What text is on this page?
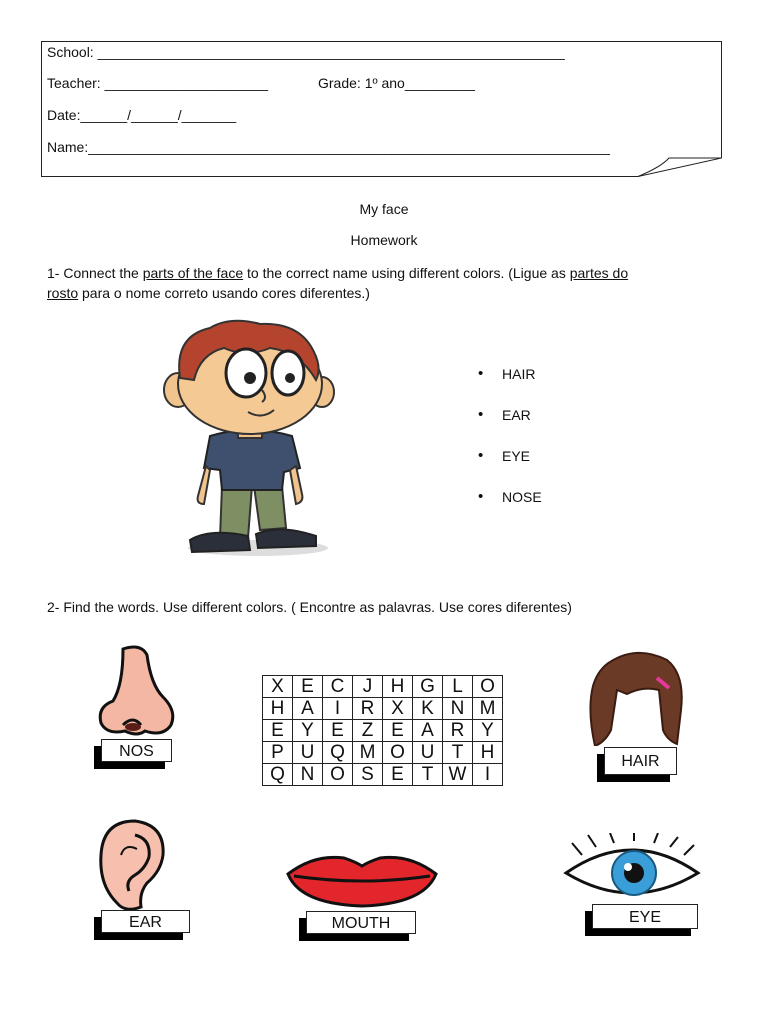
School: ____________________________________________________________
Teacher: _____________________	Grade: 1º ano_________
Date:______/______/_______
Name:___________________________________________________________________
My face
Homework
1- Connect the parts of the face to the correct name using different colors. (Ligue as partes do
rosto para o nome correto usando cores diferentes.)
• HAIR
• EAR
• EYE
• NOSE
2- Find the words. Use different colors. ( Encontre as palavras. Use cores diferentes)
X	E	C	J	H	G	L	O
H	A	I	R	X	K	N	M
E	Y	E	Z	E	A	R	Y
P	U	Q	M	O	U	T	H
Q	N	O	S	E	T	W	I
NOS
HAIR
EAR	MOUTH	EYE
